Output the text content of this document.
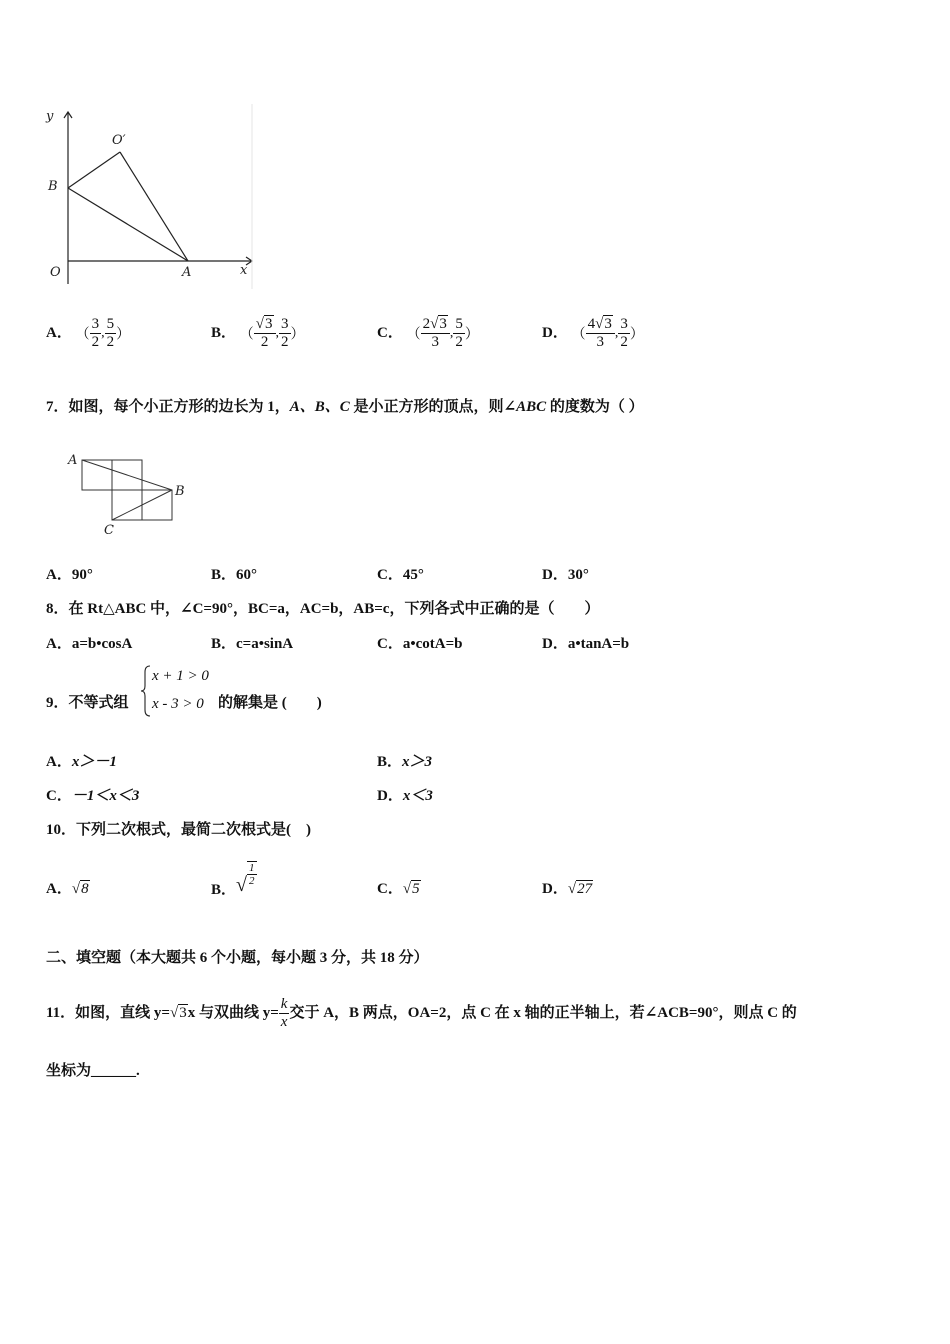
y
x
O′
B
O	A
A． （ $\frac{3}{2}$ , $\frac{5}{2}$ ）	B． （ $\frac{√3}{2}$ , $\frac{3}{2}$ ）	C． （ $\frac{2√3}{3}$ , $\frac{5}{2}$ ）	D． （ $\frac{4√3}{3}$ , $\frac{3}{2}$ ）
7．如图，每个小正方形的边长为 1，A、B、C 是小正方形的顶点，则∠ABC 的度数为（ ）
A
B
C
A．90°	B．60°	C．45°	D．30°
8．在 Rt△ABC 中，∠C=90°，BC=a，AC=b，AB=c，下列各式中正确的是（　　）
A．a=b•cosA	B．c=a•sinA	C．a•cotA=b	D．a•tanA=b
9．不等式组
x + 1 > 0
x - 3 > 0 的解集是 (　　)
A．x＞－1	B．x＞3
C．－1＜x＜3	D．x＜3
10．下列二次根式，最简二次根式是(　)
A．√8	B．√ $\frac{1}{2}$
C．√5	D．√27
二、填空题（本大题共 6 个小题，每小题 3 分，共 18 分）
11．如图，直线 y=√3x 与双曲线 $y= \frac{k}{x}$ 交于 A，B 两点，OA=2，点 C 在 x 轴的正半轴上，若∠ACB=90°，则点 C 的
坐标为______.
